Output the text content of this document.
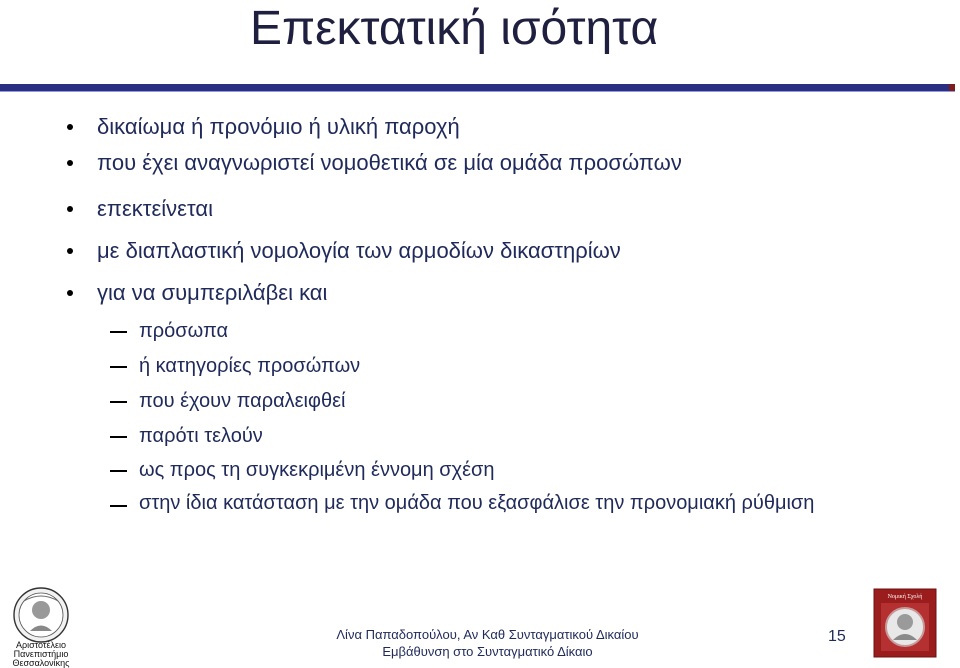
Επεκτατική ισότητα
δικαίωμα ή προνόμιο ή υλική παροχή
που έχει αναγνωριστεί νομοθετικά σε μία ομάδα προσώπων
επεκτείνεται
με διαπλαστική νομολογία των αρμοδίων δικαστηρίων
για να συμπεριλάβει και
πρόσωπα
ή κατηγορίες προσώπων
που έχουν παραλειφθεί
παρότι τελούν
ως προς τη συγκεκριμένη έννομη σχέση
στην ίδια κατάσταση με την ομάδα που εξασφάλισε την προνομιακή ρύθμιση
Αριστοτέλειο
Πανεπιστήμιο
Θεσσαλονίκης
Λίνα Παπαδοπούλου, Αν Καθ Συνταγματικού Δικαίου
Εμβάθυνση στο Συνταγματικό Δίκαιο
15
Νομική Σχολή
